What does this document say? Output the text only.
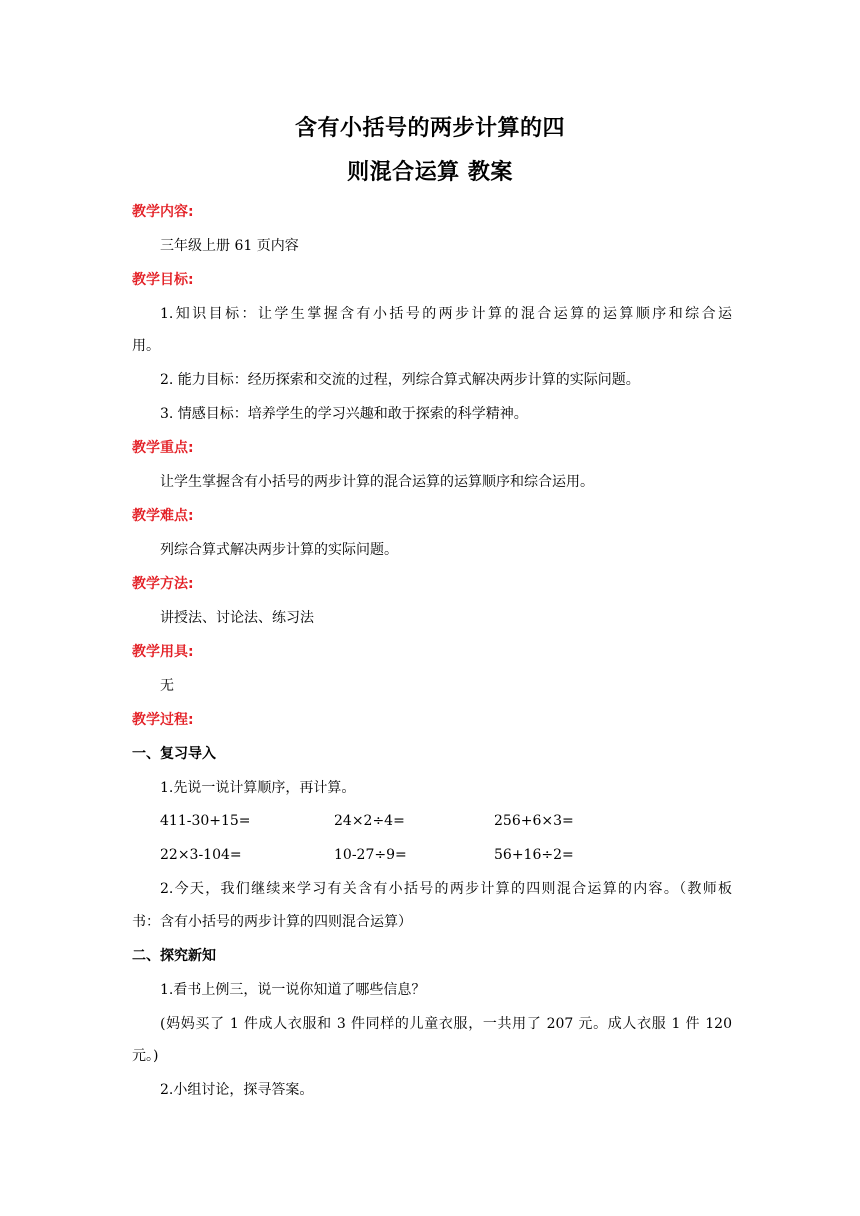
含有小括号的两步计算的四
则混合运算 教案
教学内容:
三年级上册 61 页内容
教学目标:
1.知识目标：让学生掌握含有小括号的两步计算的混合运算的运算顺序和综合运
用。
2. 能力目标：经历探索和交流的过程，列综合算式解决两步计算的实际问题。
3. 情感目标：培养学生的学习兴趣和敢于探索的科学精神。
教学重点:
让学生掌握含有小括号的两步计算的混合运算的运算顺序和综合运用。
教学难点:
列综合算式解决两步计算的实际问题。
教学方法:
讲授法、讨论法、练习法
教学用具:
无
教学过程:
一、复习导入
1.先说一说计算顺序，再计算。
411-30+15=	24×2÷4=	256+6×3=
22×3-104=	10-27÷9=	56+16÷2=
2.今天，我们继续来学习有关含有小括号的两步计算的四则混合运算的内容。（教师板
书：含有小括号的两步计算的四则混合运算）
二、探究新知
1.看书上例三，说一说你知道了哪些信息？
(妈妈买了 1 件成人衣服和 3 件同样的儿童衣服，一共用了 207 元。成人衣服 1 件 120
元。)
2.小组讨论，探寻答案。
